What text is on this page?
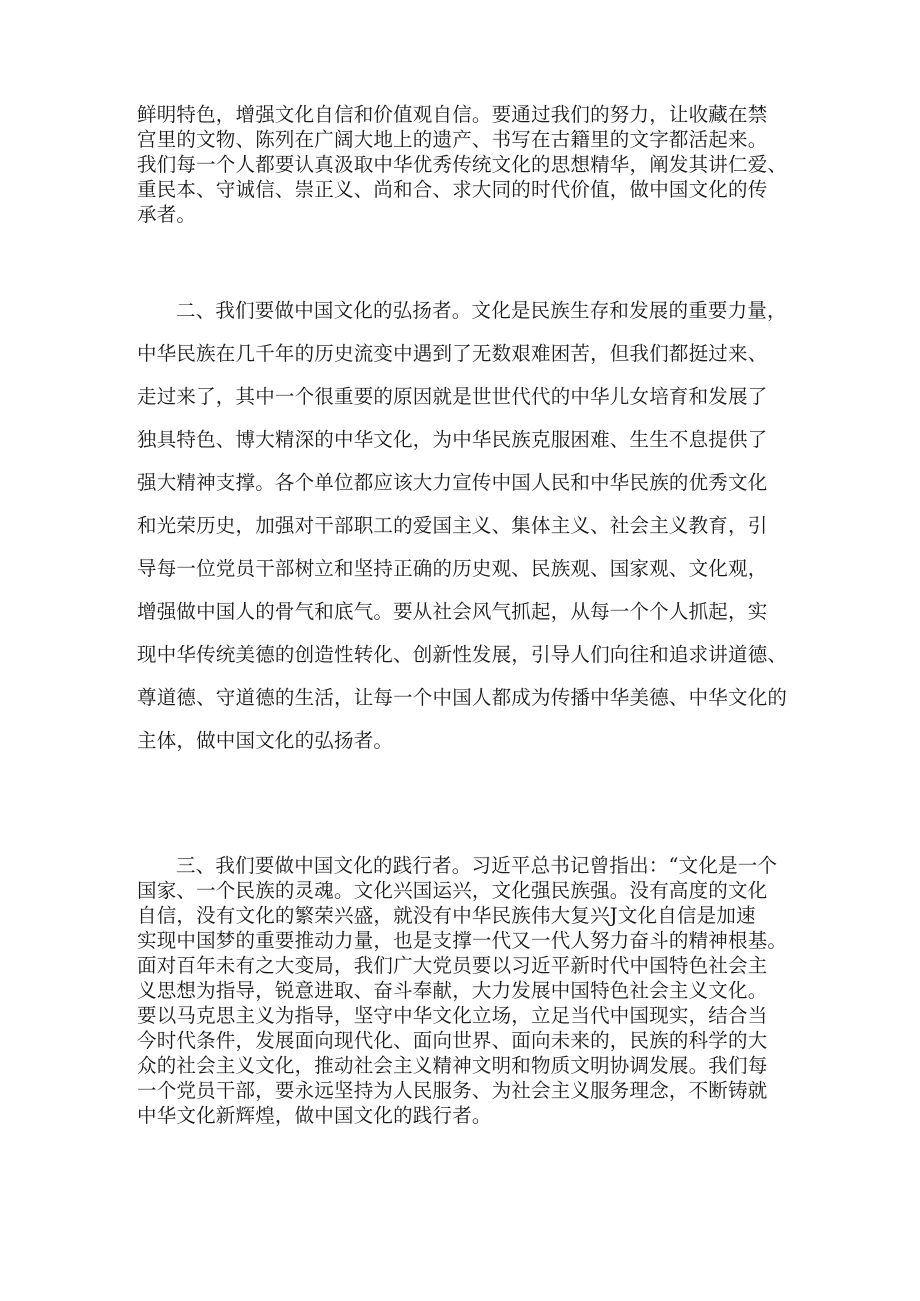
鲜明特色，增强文化自信和价值观自信。要通过我们的努力，让收藏在禁
宫里的文物、陈列在广阔大地上的遗产、书写在古籍里的文字都活起来。
我们每一个人都要认真汲取中华优秀传统文化的思想精华，阐发其讲仁爱、
重民本、守诚信、崇正义、尚和合、求大同的时代价值，做中国文化的传
承者。
二、我们要做中国文化的弘扬者。文化是民族生存和发展的重要力量，
中华民族在几千年的历史流变中遇到了无数艰难困苦，但我们都挺过来、
走过来了，其中一个很重要的原因就是世世代代的中华儿女培育和发展了
独具特色、博大精深的中华文化，为中华民族克服困难、生生不息提供了
强大精神支撑。各个单位都应该大力宣传中国人民和中华民族的优秀文化
和光荣历史，加强对干部职工的爱国主义、集体主义、社会主义教育，引
导每一位党员干部树立和坚持正确的历史观、民族观、国家观、文化观，
增强做中国人的骨气和底气。要从社会风气抓起，从每一个个人抓起，实
现中华传统美德的创造性转化、创新性发展，引导人们向往和追求讲道德、
尊道德、守道德的生活，让每一个中国人都成为传播中华美德、中华文化的
主体，做中国文化的弘扬者。
三、我们要做中国文化的践行者。习近平总书记曾指出：“文化是一个
国家、一个民族的灵魂。文化兴国运兴，文化强民族强。没有高度的文化
自信，没有文化的繁荣兴盛，就没有中华民族伟大复兴J文化自信是加速
实现中国梦的重要推动力量，也是支撑一代又一代人努力奋斗的精神根基。
面对百年未有之大变局，我们广大党员要以习近平新时代中国特色社会主
义思想为指导，锐意进取、奋斗奉献，大力发展中国特色社会主义文化。
要以马克思主义为指导，坚守中华文化立场，立足当代中国现实，结合当
今时代条件，发展面向现代化、面向世界、面向未来的，民族的科学的大
众的社会主义文化，推动社会主义精神文明和物质文明协调发展。我们每
一个党员干部，要永远坚持为人民服务、为社会主义服务理念，不断铸就
中华文化新辉煌，做中国文化的践行者。
